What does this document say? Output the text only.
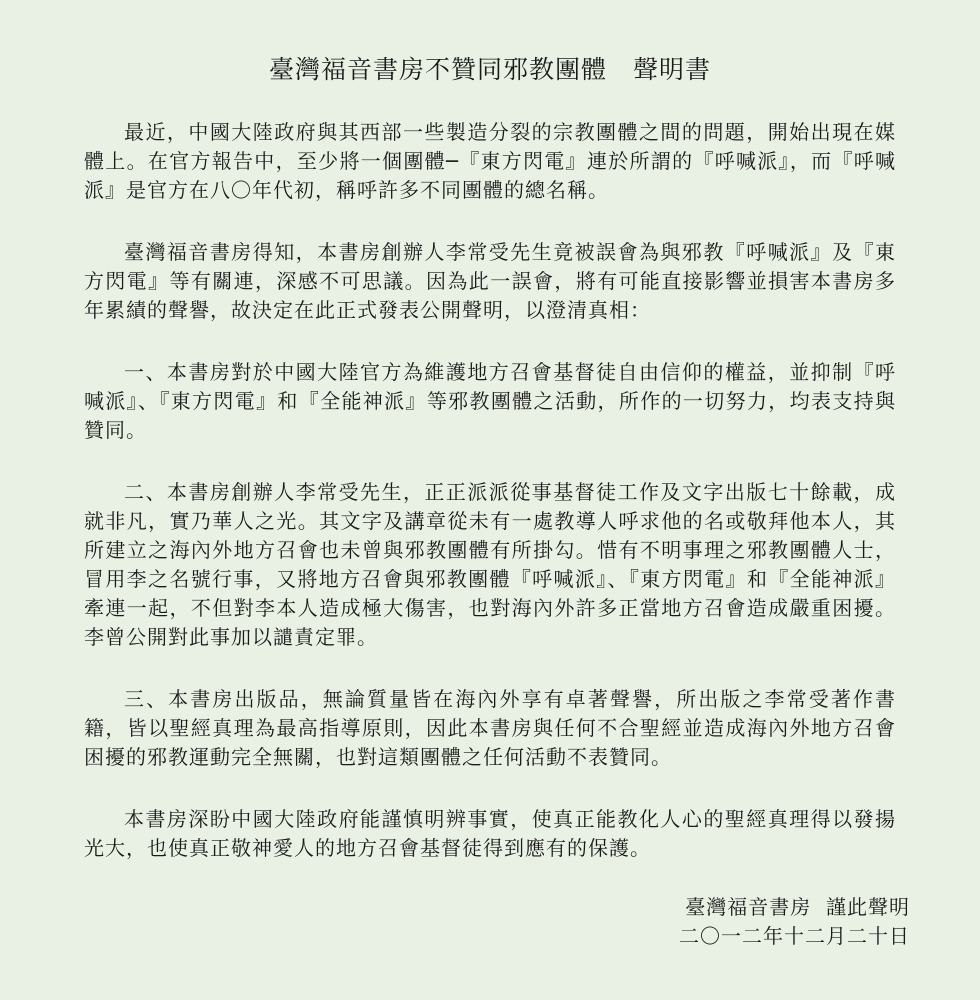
臺灣福音書房不贊同邪教團體　聲明書
最近，中國大陸政府與其西部一些製造分裂的宗教團體之間的問題，開始出現在媒體上。在官方報告中，至少將一個團體─『東方閃電』連於所謂的『呼喊派』，而『呼喊派』是官方在八〇年代初，稱呼許多不同團體的總名稱。
臺灣福音書房得知，本書房創辦人李常受先生竟被誤會為與邪教『呼喊派』及『東方閃電』等有關連，深感不可思議。因為此一誤會，將有可能直接影響並損害本書房多年累績的聲譽，故決定在此正式發表公開聲明，以澄清真相：
一、本書房對於中國大陸官方為維護地方召會基督徒自由信仰的權益，並抑制『呼喊派』、『東方閃電』和『全能神派』等邪教團體之活動，所作的一切努力，均表支持與贊同。
二、本書房創辦人李常受先生，正正派派從事基督徒工作及文字出版七十餘載，成就非凡，實乃華人之光。其文字及講章從未有一處教導人呼求他的名或敬拜他本人，其所建立之海內外地方召會也未曾與邪教團體有所掛勾。惜有不明事理之邪教團體人士，冒用李之名號行事，又將地方召會與邪教團體『呼喊派』、『東方閃電』和『全能神派』牽連一起，不但對李本人造成極大傷害，也對海內外許多正當地方召會造成嚴重困擾。李曾公開對此事加以譴責定罪。
三、本書房出版品，無論質量皆在海內外享有卓著聲譽，所出版之李常受著作書籍，皆以聖經真理為最高指導原則，因此本書房與任何不合聖經並造成海內外地方召會困擾的邪教運動完全無關，也對這類團體之任何活動不表贊同。
本書房深盼中國大陸政府能謹慎明辨事實，使真正能教化人心的聖經真理得以發揚光大，也使真正敬神愛人的地方召會基督徒得到應有的保護。
臺灣福音書房  謹此聲明
二〇一二年十二月二十日
